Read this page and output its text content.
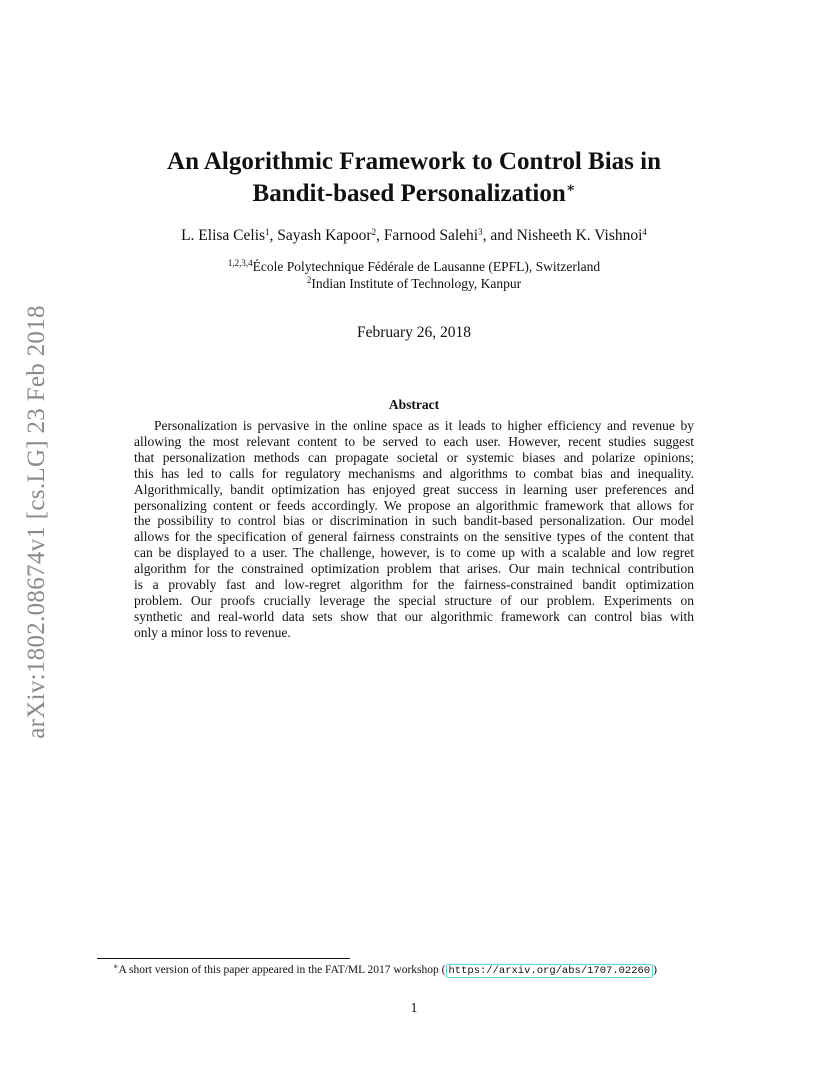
arXiv:1802.08674v1 [cs.LG] 23 Feb 2018
An Algorithmic Framework to Control Bias in
Bandit-based Personalization∗
L. Elisa Celis$^1$, Sayash Kapoor$^2$, Farnood Salehi$^3$, and Nisheeth K. Vishnoi$^4$
$^{1,2,3,4}$École Polytechnique Fédérale de Lausanne (EPFL), Switzerland
$^2$Indian Institute of Technology, Kanpur
February 26, 2018
Abstract
Personalization is pervasive in the online space as it leads to higher efficiency and revenue by
allowing the most relevant content to be served to each user. However, recent studies suggest
that personalization methods can propagate societal or systemic biases and polarize opinions;
this has led to calls for regulatory mechanisms and algorithms to combat bias and inequality.
Algorithmically, bandit optimization has enjoyed great success in learning user preferences and
personalizing content or feeds accordingly. We propose an algorithmic framework that allows for
the possibility to control bias or discrimination in such bandit-based personalization. Our model
allows for the specification of general fairness constraints on the sensitive types of the content that
can be displayed to a user. The challenge, however, is to come up with a scalable and low regret
algorithm for the constrained optimization problem that arises. Our main technical contribution
is a provably fast and low-regret algorithm for the fairness-constrained bandit optimization
problem. Our proofs crucially leverage the special structure of our problem. Experiments on
synthetic and real-world data sets show that our algorithmic framework can control bias with
only a minor loss to revenue.
∗A short version of this paper appeared in the FAT/ML 2017 workshop ( https://arxiv.org/abs/1707.02260 )
1
